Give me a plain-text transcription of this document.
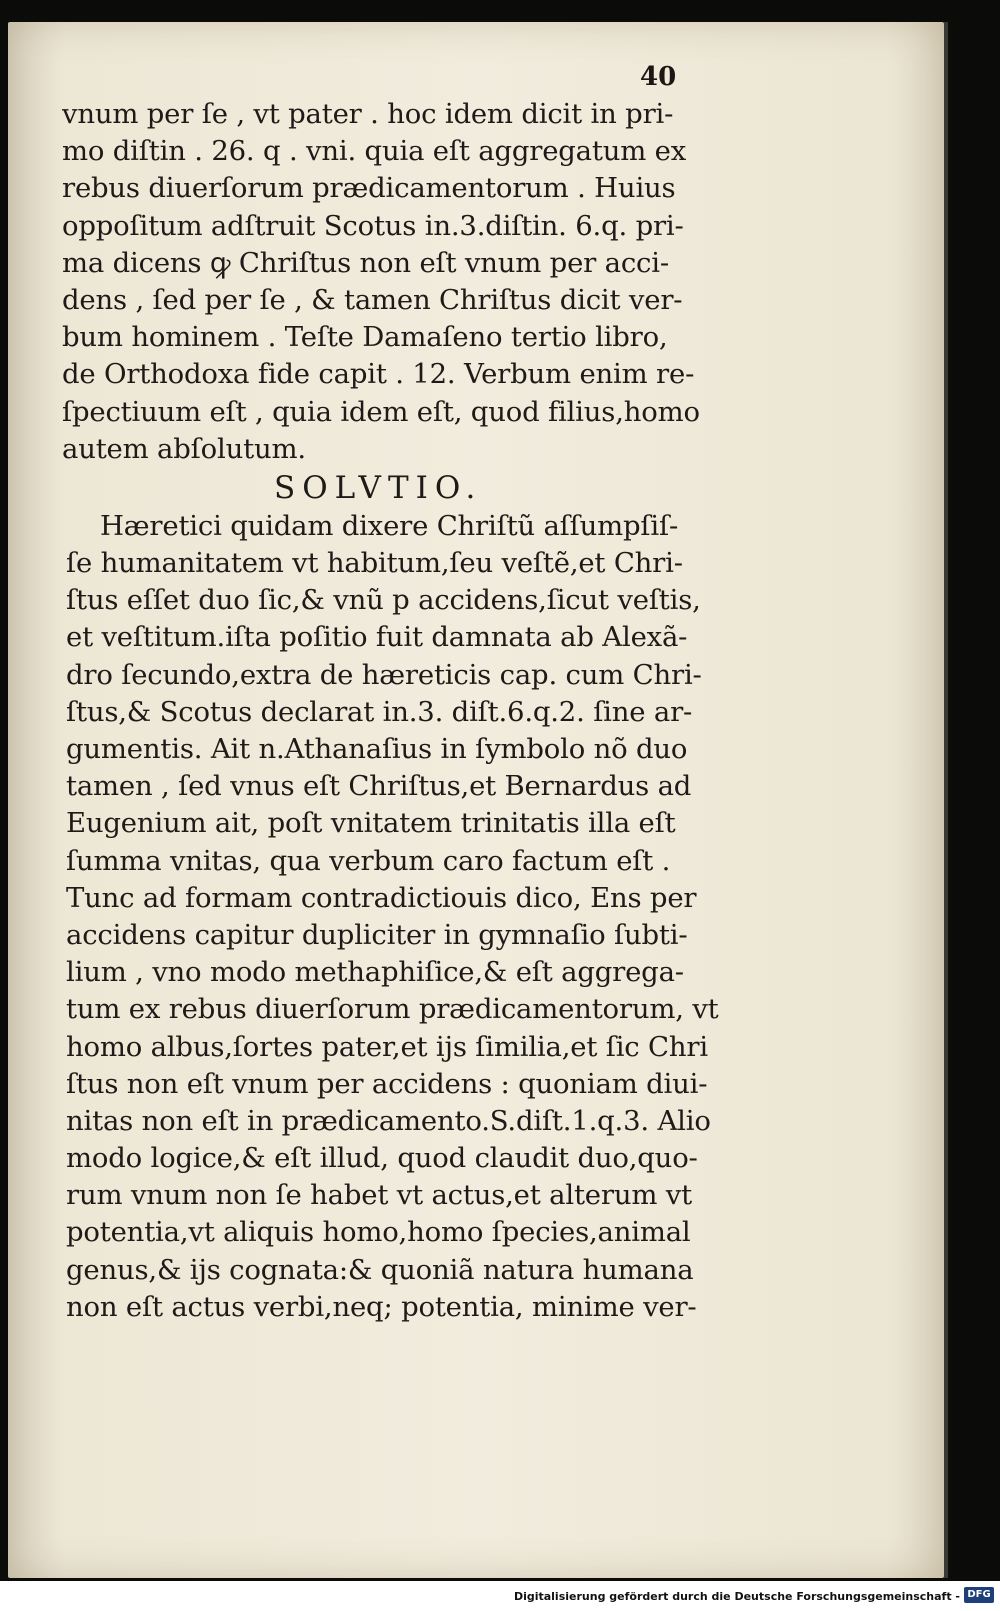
40
vnum per ſe , vt pater . hoc idem dicit in pri-
mo diſtin . 26. q . vni. quia eſt aggregatum ex
rebus diuerſorum prædicamentorum . Huius
oppoſitum adſtruit Scotus in.3.diſtin. 6.q. pri-
ma dicens ꝙ Chriſtus non eſt vnum per acci-
dens , ſed per ſe , & tamen Chriſtus dicit ver-
bum hominem . Teſte Damaſeno tertio libro,
de Orthodoxa fide capit . 12. Verbum enim re-
ſpectiuum eſt , quia idem eſt, quod filius,homo
autem abſolutum.
SOLVTIO.
Hæretici quidam dixere Chriſtũ aſſumpſiſ-
ſe humanitatem vt habitum,ſeu veſtẽ,et Chri-
ſtus eſſet duo ſic,& vnũ p accidens,ſicut veſtis,
et veſtitum.iſta poſitio fuit damnata ab Alexã-
dro ſecundo,extra de hæreticis cap. cum Chri-
ſtus,& Scotus declarat in.3. diſt.6.q.2. ſine ar-
gumentis. Ait n.Athanaſius in ſymbolo nõ duo
tamen , ſed vnus eſt Chriſtus,et Bernardus ad
Eugenium ait, poſt vnitatem trinitatis illa eſt
ſumma vnitas, qua verbum caro factum eſt .
Tunc ad formam contradictiouis dico, Ens per
accidens capitur dupliciter in gymnaſio ſubti-
lium , vno modo methaphiſice,& eſt aggrega-
tum ex rebus diuerſorum prædicamentorum, vt
homo albus,ſortes pater,et ijs ſimilia,et ſic Chri
ſtus non eſt vnum per accidens : quoniam diui-
nitas non eſt in prædicamento.S.diſt.1.q.3. Alio
modo logice,& eſt illud, quod claudit duo,quo-
rum vnum non ſe habet vt actus,et alterum vt
potentia,vt aliquis homo,homo ſpecies,animal
genus,& ijs cognata:& quoniã natura humana
non eſt actus verbi,neq; potentia, minime ver-
Digitalisierung gefördert durch die Deutsche Forschungsgemeinschaft - DFG
